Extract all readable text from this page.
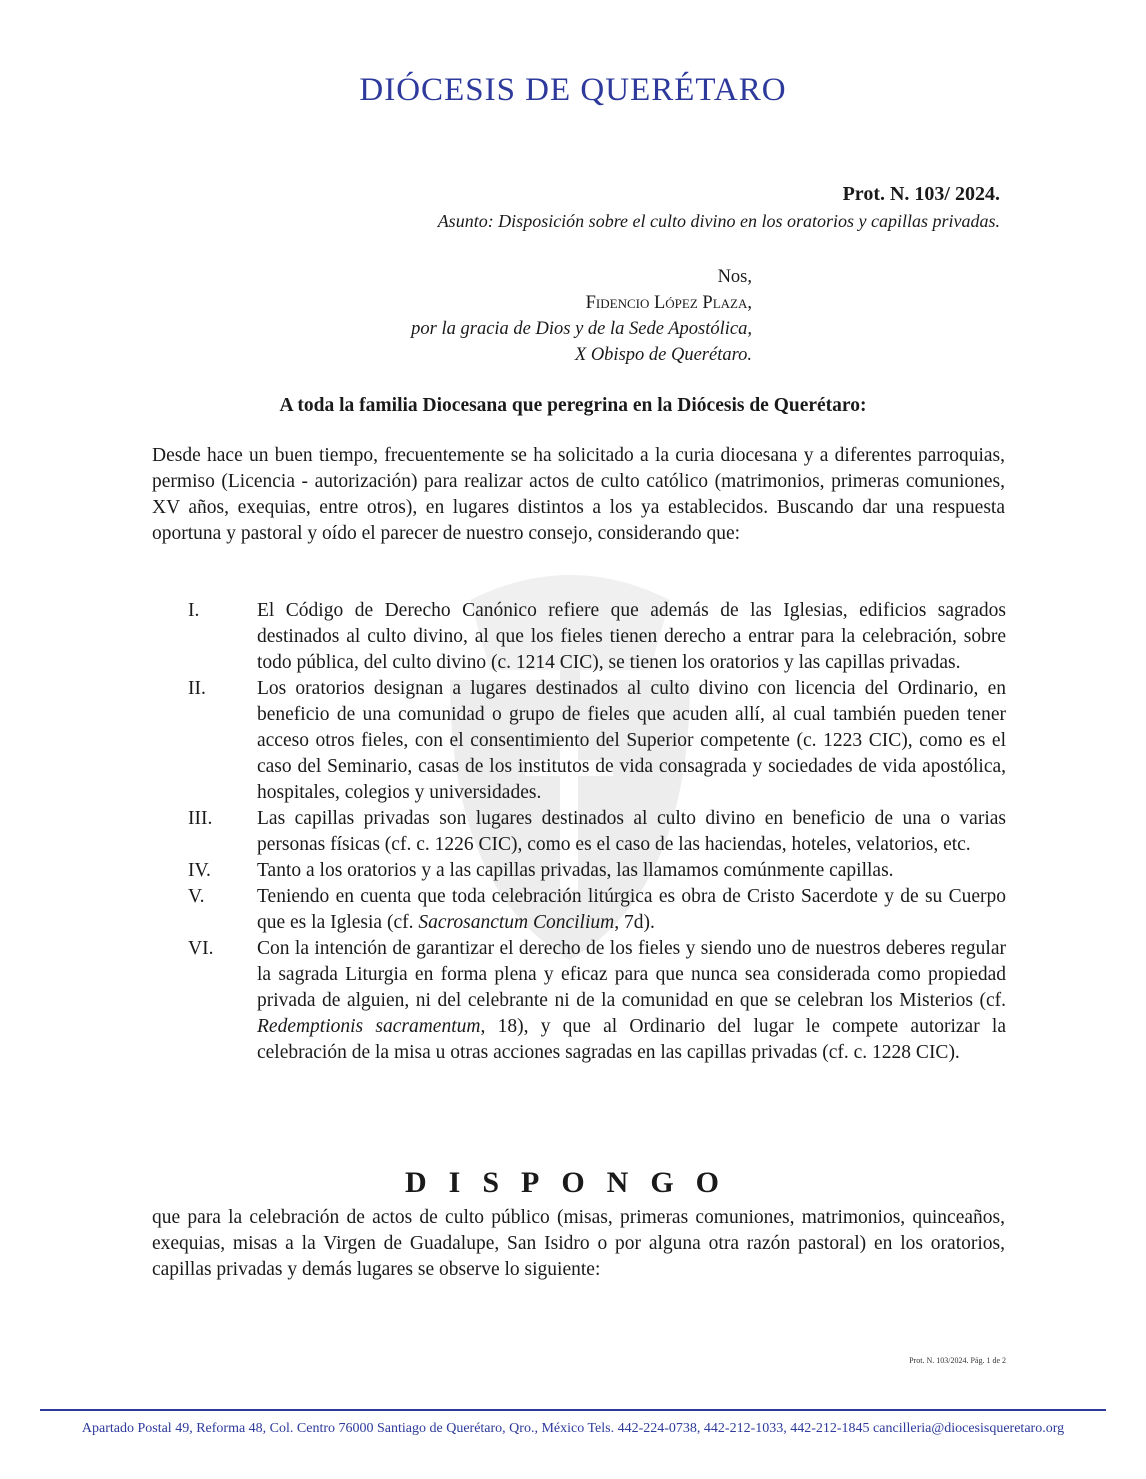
DIÓCESIS DE QUERÉTARO
Prot. N. 103/ 2024.
Asunto: Disposición sobre el culto divino en los oratorios y capillas privadas.
Nos,
Fidencio López Plaza,
por la gracia de Dios y de la Sede Apostólica,
X Obispo de Querétaro.
A toda la familia Diocesana que peregrina en la Diócesis de Querétaro:
Desde hace un buen tiempo, frecuentemente se ha solicitado a la curia diocesana y a diferentes parroquias, permiso (Licencia - autorización) para realizar actos de culto católico (matrimonios, primeras comuniones, XV años, exequias, entre otros), en lugares distintos a los ya establecidos. Buscando dar una respuesta oportuna y pastoral y oído el parecer de nuestro consejo, considerando que:
I.	El Código de Derecho Canónico refiere que además de las Iglesias, edificios sagrados destinados al culto divino, al que los fieles tienen derecho a entrar para la celebración, sobre todo pública, del culto divino (c. 1214 CIC), se tienen los oratorios y las capillas privadas.
II.	Los oratorios designan a lugares destinados al culto divino con licencia del Ordinario, en beneficio de una comunidad o grupo de fieles que acuden allí, al cual también pueden tener acceso otros fieles, con el consentimiento del Superior competente (c. 1223 CIC), como es el caso del Seminario, casas de los institutos de vida consagrada y sociedades de vida apostólica, hospitales, colegios y universidades.
III.	Las capillas privadas son lugares destinados al culto divino en beneficio de una o varias personas físicas (cf. c. 1226 CIC), como es el caso de las haciendas, hoteles, velatorios, etc.
IV.	Tanto a los oratorios y a las capillas privadas, las llamamos comúnmente capillas.
V.	Teniendo en cuenta que toda celebración litúrgica es obra de Cristo Sacerdote y de su Cuerpo que es la Iglesia (cf. Sacrosanctum Concilium, 7d).
VI.	Con la intención de garantizar el derecho de los fieles y siendo uno de nuestros deberes regular la sagrada Liturgia en forma plena y eficaz para que nunca sea considerada como propiedad privada de alguien, ni del celebrante ni de la comunidad en que se celebran los Misterios (cf. Redemptionis sacramentum, 18), y que al Ordinario del lugar le compete autorizar la celebración de la misa u otras acciones sagradas en las capillas privadas (cf. c. 1228 CIC).
DISPONGO
que para la celebración de actos de culto público (misas, primeras comuniones, matrimonios, quinceaños, exequias, misas a la Virgen de Guadalupe, San Isidro o por alguna otra razón pastoral) en los oratorios, capillas privadas y demás lugares se observe lo siguiente:
Prot. N. 103/2024. Pág. 1 de 2
Apartado Postal 49, Reforma 48, Col. Centro 76000 Santiago de Querétaro, Qro., México Tels. 442-224-0738, 442-212-1033, 442-212-1845 cancilleria@diocesisqueretaro.org
